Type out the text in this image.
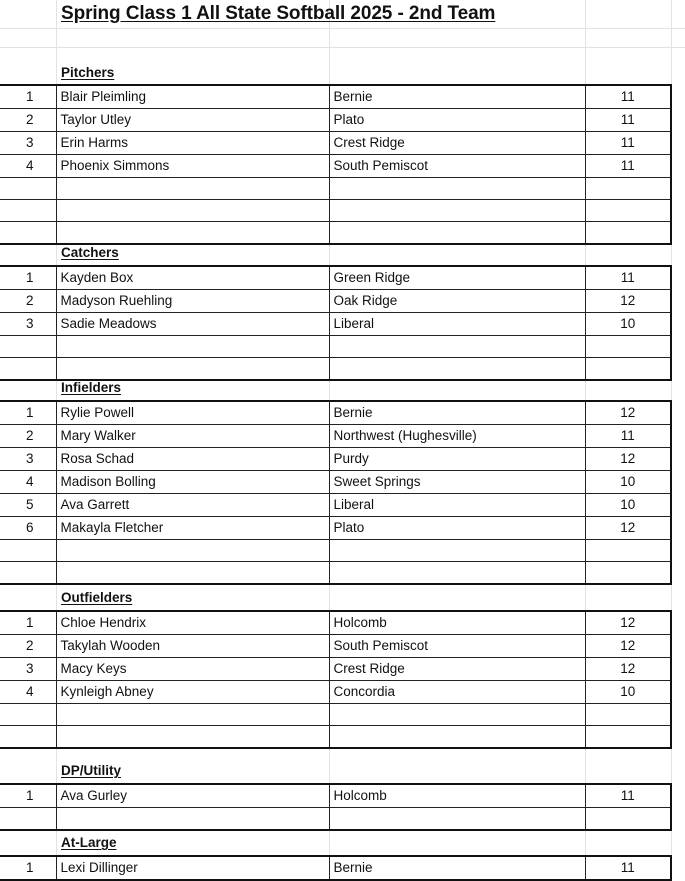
Spring Class 1 All State Softball 2025 - 2nd Team
Pitchers
1	Blair Pleimling	Bernie	11
2	Taylor Utley	Plato	11
3	Erin Harms	Crest Ridge	11
4	Phoenix Simmons	South Pemiscot	11

Catchers
1	Kayden Box	Green Ridge	11
2	Madyson Ruehling	Oak Ridge	12
3	Sadie Meadows	Liberal	10

Infielders
1	Rylie Powell	Bernie	12
2	Mary Walker	Northwest (Hughesville)	11
3	Rosa Schad	Purdy	12
4	Madison Bolling	Sweet Springs	10
5	Ava Garrett	Liberal	10
6	Makayla Fletcher	Plato	12

Outfielders
1	Chloe Hendrix	Holcomb	12
2	Takylah Wooden	South Pemiscot	12
3	Macy Keys	Crest Ridge	12
4	Kynleigh Abney	Concordia	10

DP/Utility
1	Ava Gurley	Holcomb	11

At-Large
1	Lexi Dillinger	Bernie	11
